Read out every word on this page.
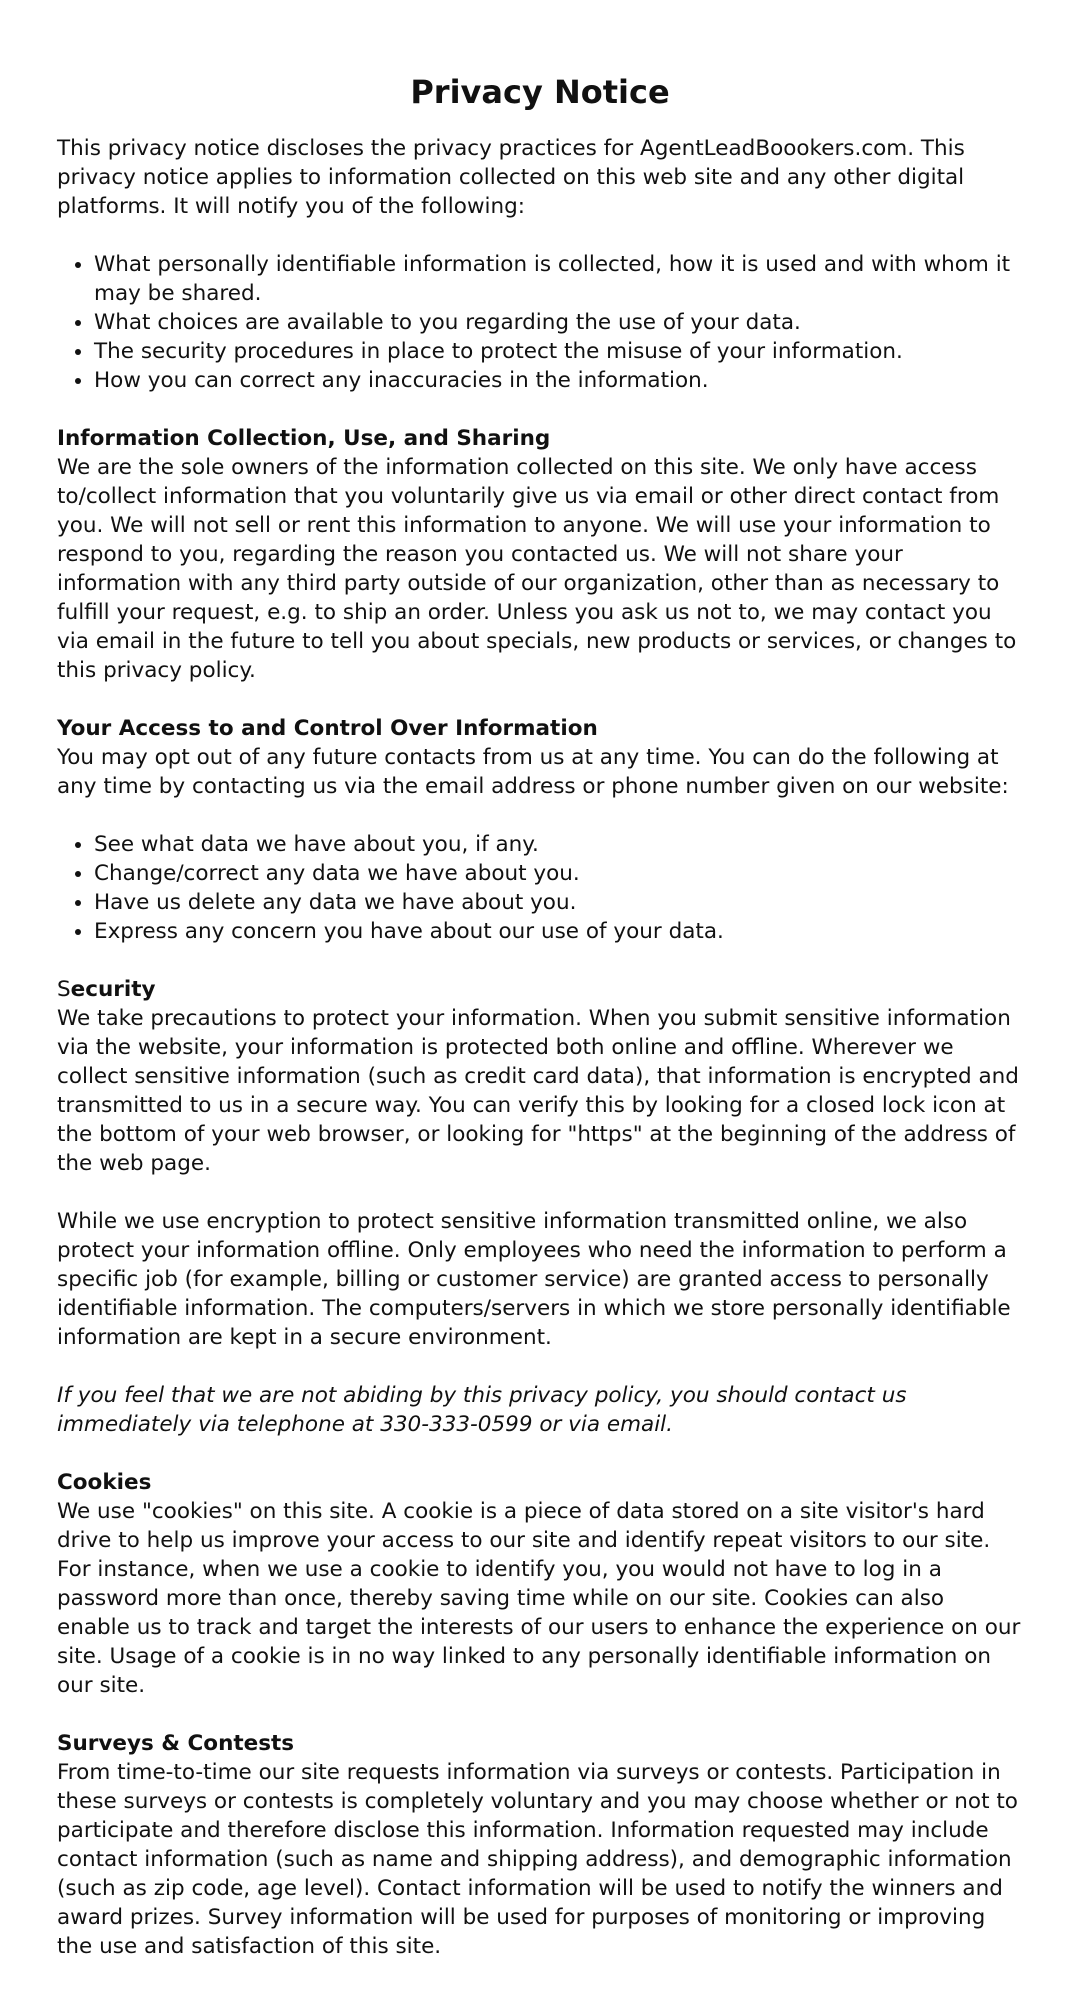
Privacy Notice

This privacy notice discloses the privacy practices for AgentLeadBoookers.com. This privacy notice applies to information collected on this web site and any other digital platforms. It will notify you of the following:

• What personally identifiable information is collected, how it is used and with whom it may be shared.
• What choices are available to you regarding the use of your data.
• The security procedures in place to protect the misuse of your information.
• How you can correct any inaccuracies in the information.
Information Collection, Use, and Sharing

We are the sole owners of the information collected on this site. We only have access to/collect information that you voluntarily give us via email or other direct contact from you. We will not sell or rent this information to anyone. We will use your information to respond to you, regarding the reason you contacted us. We will not share your information with any third party outside of our organization, other than as necessary to fulfill your request, e.g. to ship an order. Unless you ask us not to, we may contact you via email in the future to tell you about specials, new products or services, or changes to this privacy policy.

Your Access to and Control Over Information

You may opt out of any future contacts from us at any time. You can do the following at any time by contacting us via the email address or phone number given on our website:

• See what data we have about you, if any.
• Change/correct any data we have about you.
• Have us delete any data we have about you.
• Express any concern you have about our use of your data.
Security

We take precautions to protect your information. When you submit sensitive information via the website, your information is protected both online and offline. Wherever we collect sensitive information (such as credit card data), that information is encrypted and transmitted to us in a secure way. You can verify this by looking for a closed lock icon at the bottom of your web browser, or looking for "https" at the beginning of the address of the web page.

While we use encryption to protect sensitive information transmitted online, we also protect your information offline. Only employees who need the information to perform a specific job (for example, billing or customer service) are granted access to personally identifiable information. The computers/servers in which we store personally identifiable information are kept in a secure environment.

If you feel that we are not abiding by this privacy policy, you should contact us immediately via telephone at 330-333-0599 or via email.

Cookies

We use "cookies" on this site. A cookie is a piece of data stored on a site visitor's hard drive to help us improve your access to our site and identify repeat visitors to our site. For instance, when we use a cookie to identify you, you would not have to log in a password more than once, thereby saving time while on our site. Cookies can also enable us to track and target the interests of our users to enhance the experience on our site. Usage of a cookie is in no way linked to any personally identifiable information on our site.

Surveys & Contests

From time-to-time our site requests information via surveys or contests. Participation in these surveys or contests is completely voluntary and you may choose whether or not to participate and therefore disclose this information. Information requested may include contact information (such as name and shipping address), and demographic information (such as zip code, age level). Contact information will be used to notify the winners and award prizes. Survey information will be used for purposes of monitoring or improving the use and satisfaction of this site.
